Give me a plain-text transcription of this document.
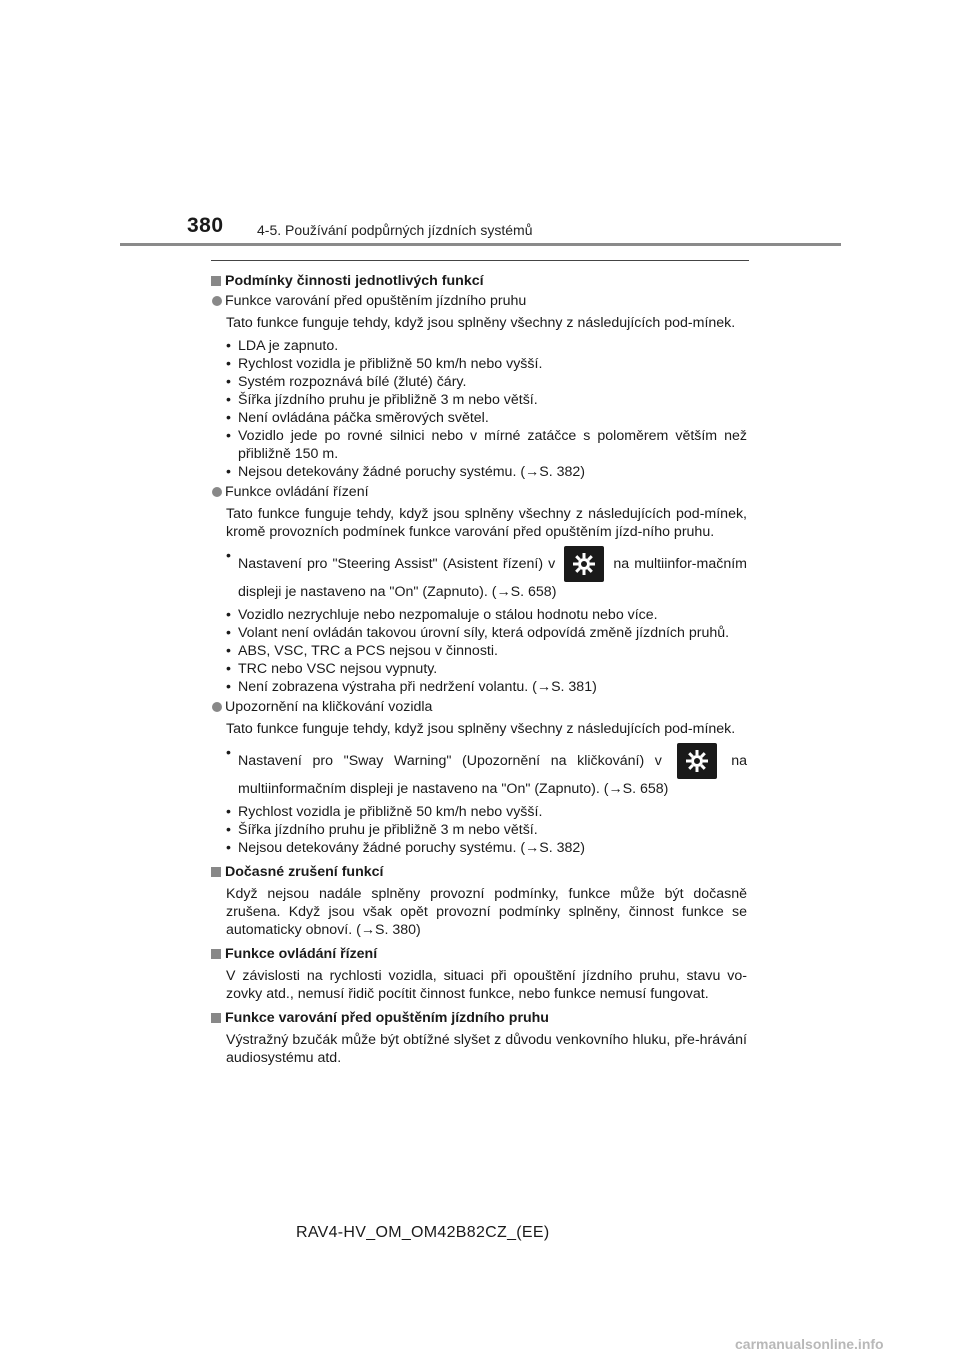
380 4-5. Používání podpůrných jízdních systémů
Podmínky činnosti jednotlivých funkcí
Funkce varování před opuštěním jízdního pruhu
Tato funkce funguje tehdy, když jsou splněny všechny z následujících pod-mínek.
• LDA je zapnuto.
• Rychlost vozidla je přibližně 50 km/h nebo vyšší.
• Systém rozpoznává bílé (žluté) čáry.
• Šířka jízdního pruhu je přibližně 3 m nebo větší.
• Není ovládána páčka směrových světel.
• Vozidlo jede po rovné silnici nebo v mírné zatáčce s poloměrem větším než přibližně 150 m.
• Nejsou detekovány žádné poruchy systému. (→S. 382)
Funkce ovládání řízení
Tato funkce funguje tehdy, když jsou splněny všechny z následujících pod-mínek, kromě provozních podmínek funkce varování před opuštěním jízd-ního pruhu.
• Nastavení pro "Steering Assist" (Asistent řízení) v	na multiinfor-mačním displeji je nastaveno na "On" (Zapnuto). (→S. 658)
• Vozidlo nezrychluje nebo nezpomaluje o stálou hodnotu nebo více.
• Volant není ovládán takovou úrovní síly, která odpovídá změně jízdních pruhů.
• ABS, VSC, TRC a PCS nejsou v činnosti.
• TRC nebo VSC nejsou vypnuty.
• Není zobrazena výstraha při nedržení volantu. (→S. 381)
Upozornění na kličkování vozidla
Tato funkce funguje tehdy, když jsou splněny všechny z následujících pod-mínek.
• Nastavení pro "Sway Warning" (Upozornění na kličkování) v	na multiinformačním displeji je nastaveno na "On" (Zapnuto). (→S. 658)
• Rychlost vozidla je přibližně 50 km/h nebo vyšší.
• Šířka jízdního pruhu je přibližně 3 m nebo větší.
• Nejsou detekovány žádné poruchy systému. (→S. 382)
Dočasné zrušení funkcí
Když nejsou nadále splněny provozní podmínky, funkce může být dočasně zrušena. Když jsou však opět provozní podmínky splněny, činnost funkce se automaticky obnoví. (→S. 380)
Funkce ovládání řízení
V závislosti na rychlosti vozidla, situaci při opouštění jízdního pruhu, stavu vo-zovky atd., nemusí řidič pocítit činnost funkce, nebo funkce nemusí fungovat.
Funkce varování před opuštěním jízdního pruhu
Výstražný bzučák může být obtížné slyšet z důvodu venkovního hluku, pře-hrávání audiosystému atd.
RAV4-HV_OM_OM42B82CZ_(EE)
carmanualsonline.info
